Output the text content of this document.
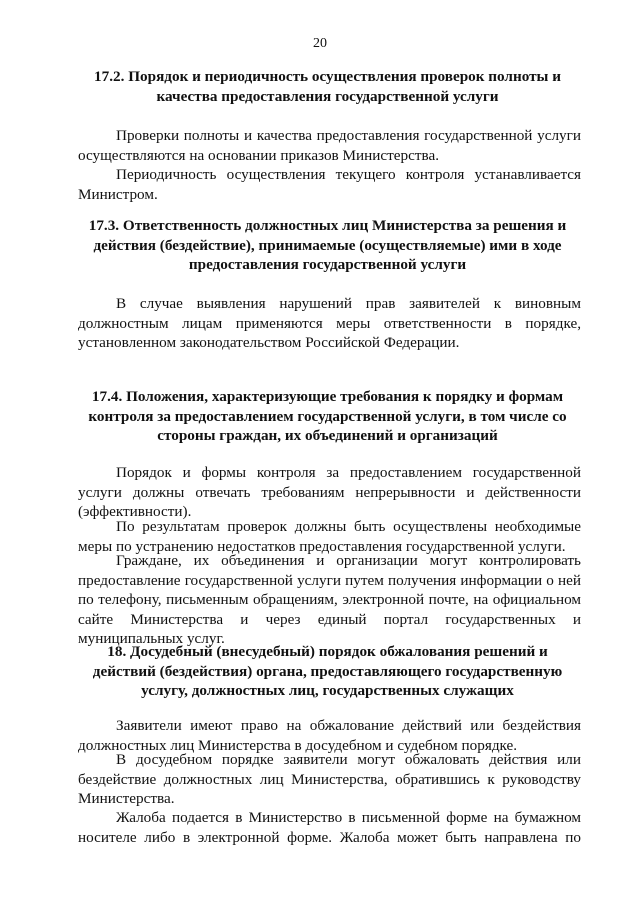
20
17.2. Порядок и периодичность осуществления проверок полноты и
качества предоставления государственной услуги
Проверки полноты и качества предоставления государственной услуги
осуществляются на основании приказов Министерства.
Периодичность осуществления текущего контроля устанавливается
Министром.
17.3. Ответственность должностных лиц Министерства за решения и
действия (бездействие), принимаемые (осуществляемые) ими в ходе
предоставления государственной услуги
В случае выявления нарушений прав заявителей к виновным
должностным лицам применяются меры ответственности в порядке,
установленном законодательством Российской Федерации.
17.4. Положения, характеризующие требования к порядку и формам
контроля за предоставлением государственной услуги, в том числе со
стороны граждан, их объединений и организаций
Порядок и формы контроля за предоставлением государственной
услуги должны отвечать требованиям непрерывности и действенности
(эффективности).
По результатам проверок должны быть осуществлены необходимые
меры по устранению недостатков предоставления государственной услуги.
Граждане, их объединения и организации могут контролировать
предоставление государственной услуги путем получения информации о ней
по телефону, письменным обращениям, электронной почте, на официальном
сайте Министерства и через единый портал государственных и
муниципальных услуг.
18. Досудебный (внесудебный) порядок обжалования решений и
действий (бездействия) органа, предоставляющего государственную
услугу, должностных лиц, государственных служащих
Заявители имеют право на обжалование действий или бездействия
должностных лиц Министерства в досудебном и судебном порядке.
В досудебном порядке заявители могут обжаловать действия или
бездействие должностных лиц Министерства, обратившись к руководству
Министерства.
Жалоба подается в Министерство в письменной форме на бумажном
носителе либо в электронной форме. Жалоба может быть направлена по
